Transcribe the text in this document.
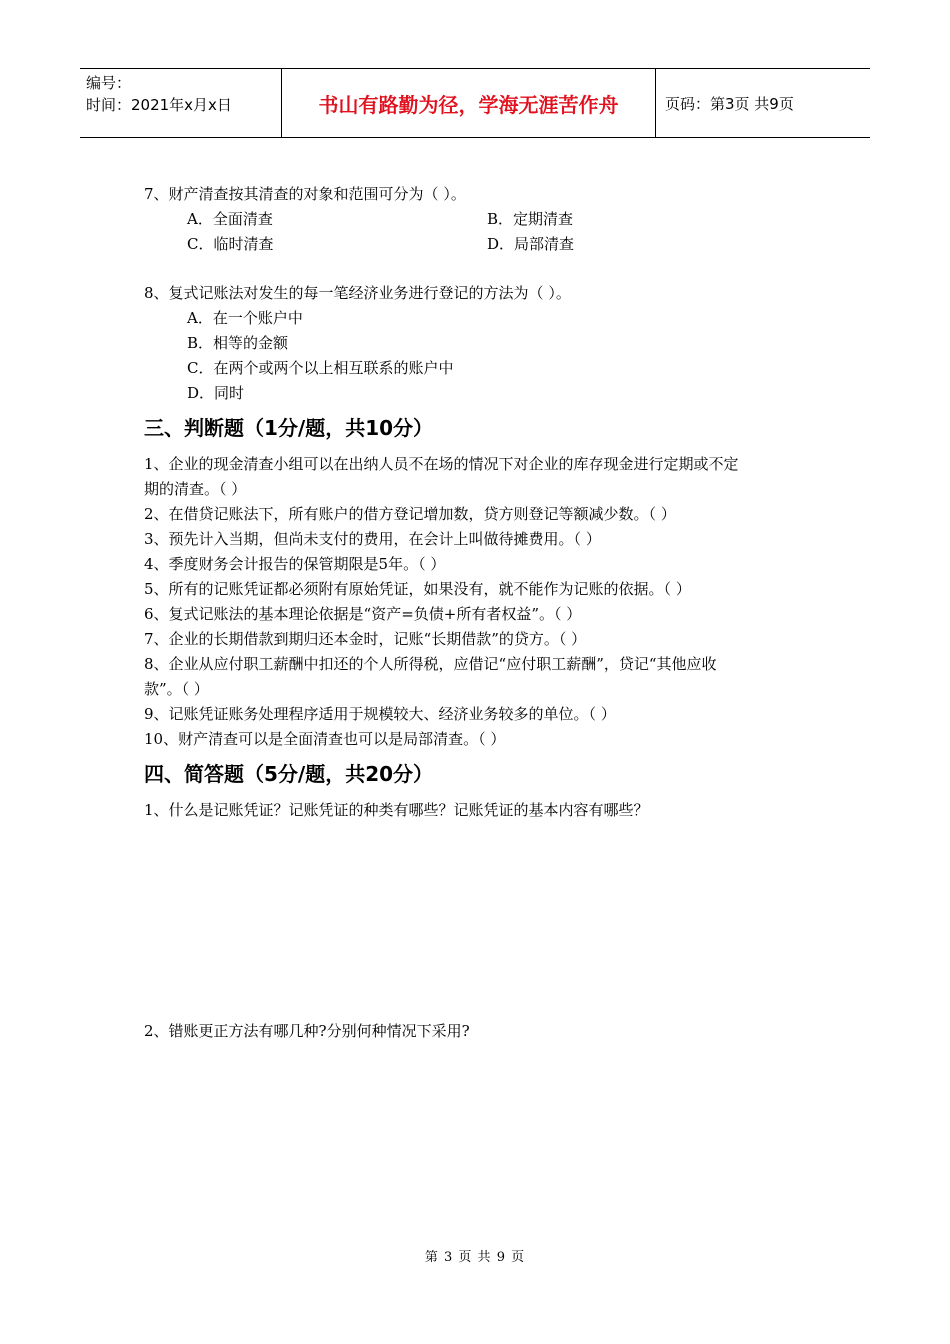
编号：
时间：2021年x月x日	书山有路勤为径，学海无涯苦作舟	页码：第3页 共9页
7、财产清查按其清查的对象和范围可分为（ ）。
A．全面清查	B．定期清查
C．临时清查	D．局部清查
8、复式记账法对发生的每一笔经济业务进行登记的方法为（ ）。
A．在一个账户中
B．相等的金额
C．在两个或两个以上相互联系的账户中
D．同时
三、判断题（1分/题，共10分）
1、企业的现金清查小组可以在出纳人员不在场的情况下对企业的库存现金进行定期或不定
期的清查。（ ）
2、在借贷记账法下，所有账户的借方登记增加数，贷方则登记等额减少数。（ ）
3、预先计入当期，但尚未支付的费用，在会计上叫做待摊费用。（ ）
4、季度财务会计报告的保管期限是5年。（ ）
5、所有的记账凭证都必须附有原始凭证，如果没有，就不能作为记账的依据。（ ）
6、复式记账法的基本理论依据是“资产=负债+所有者权益”。（ ）
7、企业的长期借款到期归还本金时，记账“长期借款”的贷方。（ ）
8、企业从应付职工薪酬中扣还的个人所得税，应借记“应付职工薪酬”，贷记“其他应收
款”。（ ）
9、记账凭证账务处理程序适用于规模较大、经济业务较多的单位。（ ）
10、财产清查可以是全面清查也可以是局部清查。（ ）
四、简答题（5分/题，共20分）
1、什么是记账凭证？记账凭证的种类有哪些？记账凭证的基本内容有哪些？
2、错账更正方法有哪几种?分别何种情况下采用?
第 3 页 共 9 页
